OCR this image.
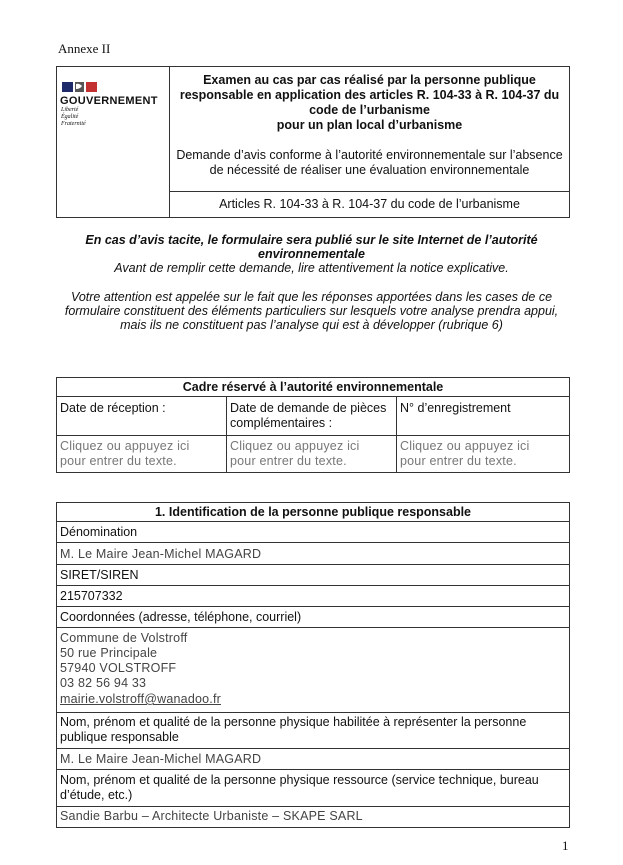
Annexe II
GOUVERNEMENT
Liberté
Égalité
Fraternité
Examen au cas par cas réalisé par la personne publique
responsable en application des articles R. 104-33 à R. 104-37 du
code de l’urbanisme
pour un plan local d’urbanisme
Demande d’avis conforme à l’autorité environnementale sur l’absence
de nécessité de réaliser une évaluation environnementale
Articles R. 104-33 à R. 104-37 du code de l’urbanisme
En cas d’avis tacite, le formulaire sera publié sur le site Internet de l’autorité
environnementale
Avant de remplir cette demande, lire attentivement la notice explicative.
Votre attention est appelée sur le fait que les réponses apportées dans les cases de ce
formulaire constituent des éléments particuliers sur lesquels votre analyse prendra appui,
mais ils ne constituent pas l’analyse qui est à développer (rubrique 6)
Cadre réservé à l’autorité environnementale
Date de réception :	Date de demande de pièces
complémentaires :
N° d’enregistrement
Cliquez ou appuyez ici
pour entrer du texte.
Cliquez ou appuyez ici
pour entrer du texte.
Cliquez ou appuyez ici
pour entrer du texte.
1. Identification de la personne publique responsable
Dénomination
M. Le Maire Jean-Michel MAGARD
SIRET/SIREN
215707332
Coordonnées (adresse, téléphone, courriel)
Commune de Volstroff
50 rue Principale
57940 VOLSTROFF
03 82 56 94 33
mairie.volstroff@wanadoo.fr
Nom, prénom et qualité de la personne physique habilitée à représenter la personne
publique responsable
M. Le Maire Jean-Michel MAGARD
Nom, prénom et qualité de la personne physique ressource (service technique, bureau
d’étude, etc.)
Sandie Barbu – Architecte Urbaniste – SKAPE SARL
1
